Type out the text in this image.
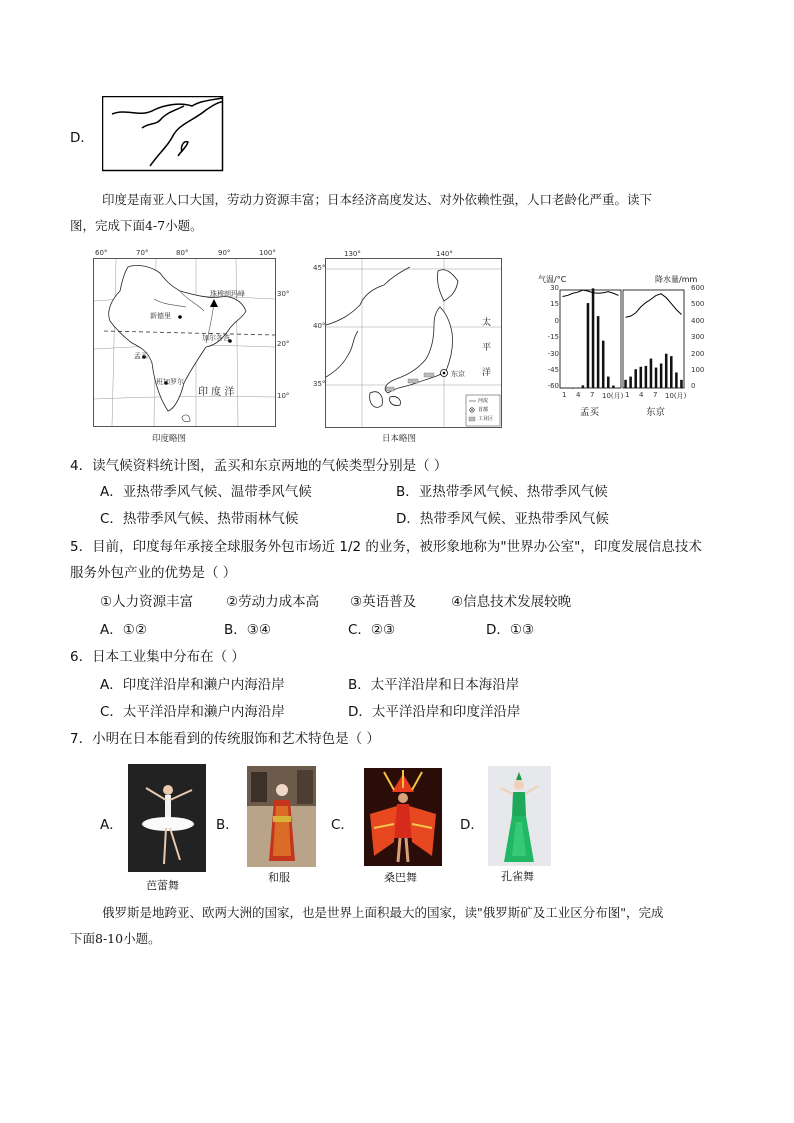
D．
印度是南亚人口大国，劳动力资源丰富；日本经济高度发达、对外依赖性强，人口老龄化严重。读下
图，完成下面4-7小题。
珠穆朗玛峰
新德里
加尔各答
孟买
班加罗尔
印 度 洋
60°	70°	80°	90°	100°
30°
20°
10°
印度略图
太
平
洋
东京
河流
首都
工业区
130°	140°
45°
40°
35°
日本略图
气温/°C	降水量/mm
30
15
0
-15
-30
-45
-60
600
500
400
300
200
100
0
1 4 7 10(月) 1 4 7 10(月)
孟买	东京
4．读气候资料统计图，孟买和东京两地的气候类型分别是（ ）
A．亚热带季风气候、温带季风气候	B．亚热带季风气候、热带季风气候
C．热带季风气候、热带雨林气候	D．热带季风气候、亚热带季风气候
5．目前，印度每年承接全球服务外包市场近 1/2 的业务，被形象地称为"世界办公室"，印度发展信息技术
服务外包产业的优势是（ ）
①人力资源丰富 ②劳动力成本高 ③英语普及	④信息技术发展较晚
A．①②	B．③④	C．②③	D．①③
6．日本工业集中分布在（ ）
A．印度洋沿岸和濑户内海沿岸	B．太平洋沿岸和日本海沿岸
C．太平洋沿岸和濑户内海沿岸	D．太平洋沿岸和印度洋沿岸
7．小明在日本能看到的传统服饰和艺术特色是（ ）
A．
芭蕾舞
B．
和服
C．
桑巴舞
D．
孔雀舞
俄罗斯是地跨亚、欧两大洲的国家，也是世界上面积最大的国家，读"俄罗斯矿及工业区分布图"，完成
下面8-10小题。
